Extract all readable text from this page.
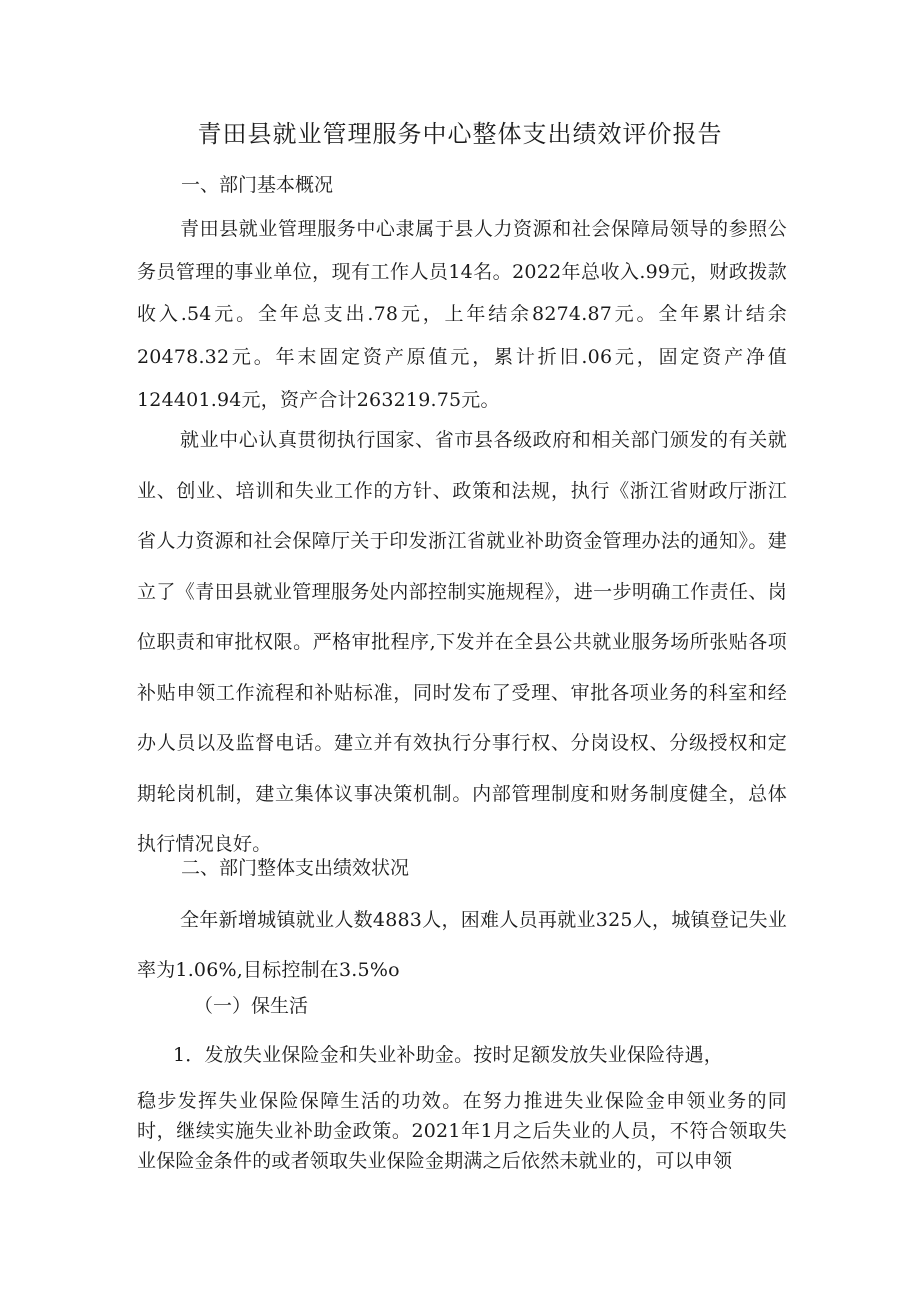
青田县就业管理服务中心整体支出绩效评价报告
一、部门基本概况

青田县就业管理服务中心隶属于县人力资源和社会保障局领导的参照公务员管理的事业单位，现有工作人员14名。2022年总收入.99元，财政拨款收入.54元。全年总支出.78元，上年结余8274.87元。全年累计结余20478.32元。年末固定资产原值元，累计折旧.06元，固定资产净值124401.94元，资产合计263219.75元。

就业中心认真贯彻执行国家、省市县各级政府和相关部门颁发的有关就业、创业、培训和失业工作的方针、政策和法规，执行《浙江省财政厅浙江省人力资源和社会保障厅关于印发浙江省就业补助资金管理办法的通知》。建立了《青田县就业管理服务处内部控制实施规程》，进一步明确工作责任、岗位职责和审批权限。严格审批程序,下发并在全县公共就业服务场所张贴各项补贴申领工作流程和补贴标准，同时发布了受理、审批各项业务的科室和经办人员以及监督电话。建立并有效执行分事行权、分岗设权、分级授权和定期轮岗机制，建立集体议事决策机制。内部管理制度和财务制度健全，总体执行情况良好。

二、部门整体支出绩效状况

全年新增城镇就业人数4883人，困难人员再就业325人，城镇登记失业率为1.06%,目标控制在3.5%o

（一）保生活
1．发放失业保险金和失业补助金。按时足额发放失业保险待遇，
稳步发挥失业保险保障生活的功效。在努力推进失业保险金申领业务的同时，继续实施失业补助金政策。2021年1月之后失业的人员，不符合领取失业保险金条件的或者领取失业保险金期满之后依然未就业的，可以申领
